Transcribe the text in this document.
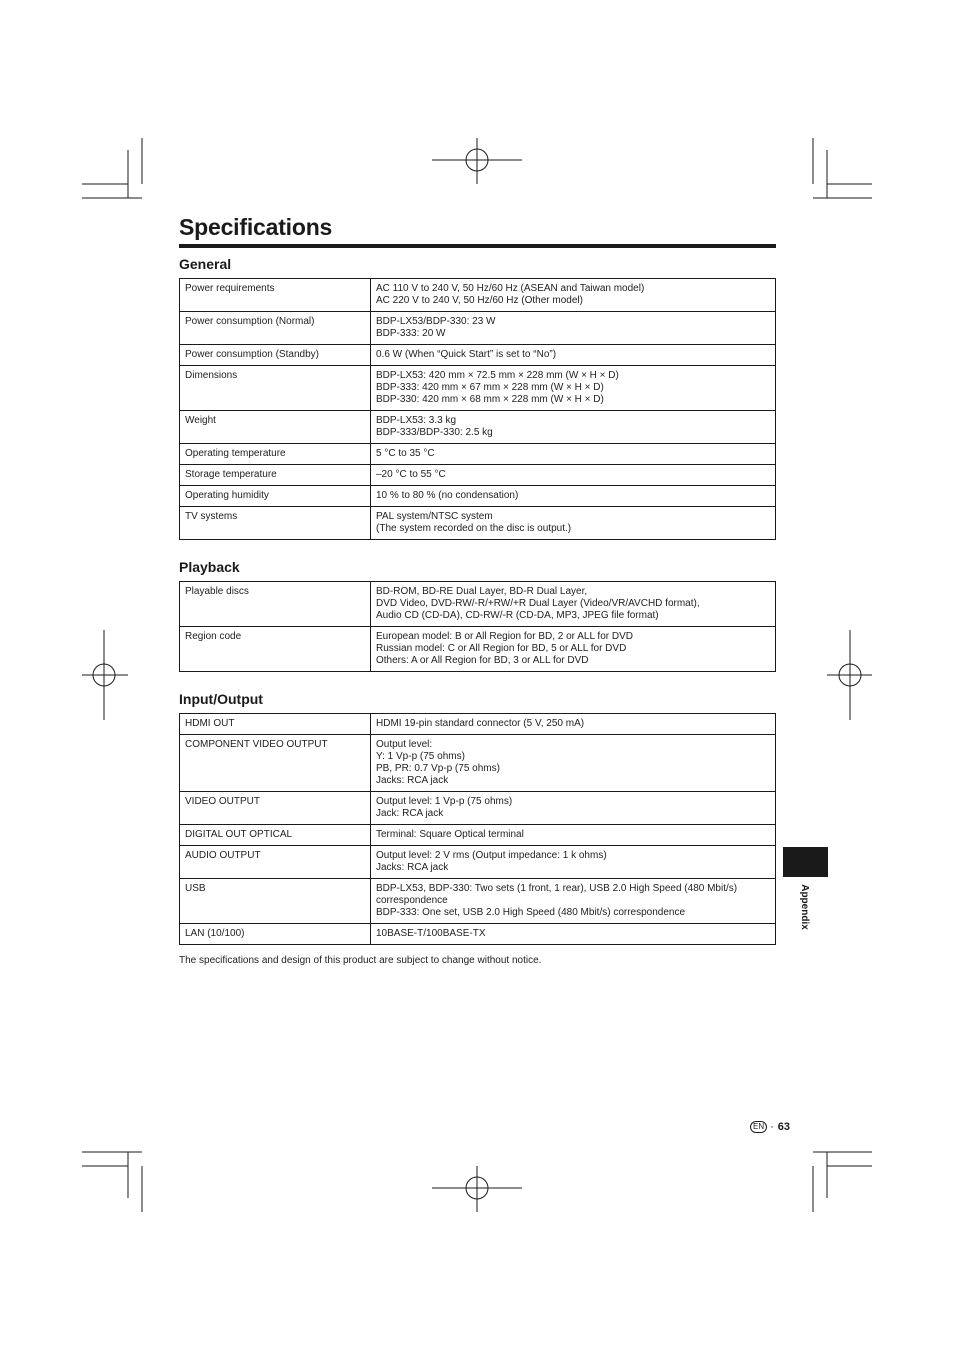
Specifications
General
Power requirements	AC 110 V to 240 V, 50 Hz/60 Hz (ASEAN and Taiwan model)
AC 220 V to 240 V, 50 Hz/60 Hz (Other model)

Power consumption (Normal)	BDP-LX53/BDP-330: 23 W
BDP-333: 20 W

Power consumption (Standby)	0.6 W (When “Quick Start” is set to “No”)

Dimensions	BDP-LX53: 420 mm × 72.5 mm × 228 mm (W × H × D)
BDP-333: 420 mm × 67 mm × 228 mm (W × H × D)
BDP-330: 420 mm × 68 mm × 228 mm (W × H × D)

Weight	BDP-LX53: 3.3 kg
BDP-333/BDP-330: 2.5 kg

Operating temperature	5 °C to 35 °C

Storage temperature	–20 °C to 55 °C

Operating humidity	10 % to 80 % (no condensation)

TV systems	PAL system/NTSC system
(The system recorded on the disc is output.)
Playback
Playable discs	BD-ROM, BD-RE Dual Layer, BD-R Dual Layer,
DVD Video, DVD-RW/-R/+RW/+R Dual Layer (Video/VR/AVCHD format),
Audio CD (CD-DA), CD-RW/-R (CD-DA, MP3, JPEG file format)

Region code	European model: B or All Region for BD, 2 or ALL for DVD
Russian model: C or All Region for BD, 5 or ALL for DVD
Others: A or All Region for BD, 3 or ALL for DVD
Input/Output
HDMI OUT	HDMI 19-pin standard connector (5 V, 250 mA)

COMPONENT VIDEO OUTPUT	Output level:
Y: 1 Vp-p (75 ohms)
PB, PR: 0.7 Vp-p (75 ohms)
Jacks: RCA jack

VIDEO OUTPUT	Output level: 1 Vp-p (75 ohms)
Jack: RCA jack

DIGITAL OUT OPTICAL	Terminal: Square Optical terminal

AUDIO OUTPUT	Output level: 2 V rms (Output impedance: 1 k ohms)
Jacks: RCA jack

USB	BDP-LX53, BDP-330: Two sets (1 front, 1 rear), USB 2.0 High Speed (480 Mbit/s)
correspondence
BDP-333: One set, USB 2.0 High Speed (480 Mbit/s) correspondence

LAN (10/100)	10BASE-T/100BASE-TX
The specifications and design of this product are subject to change without notice.
Appendix
EN · 63
